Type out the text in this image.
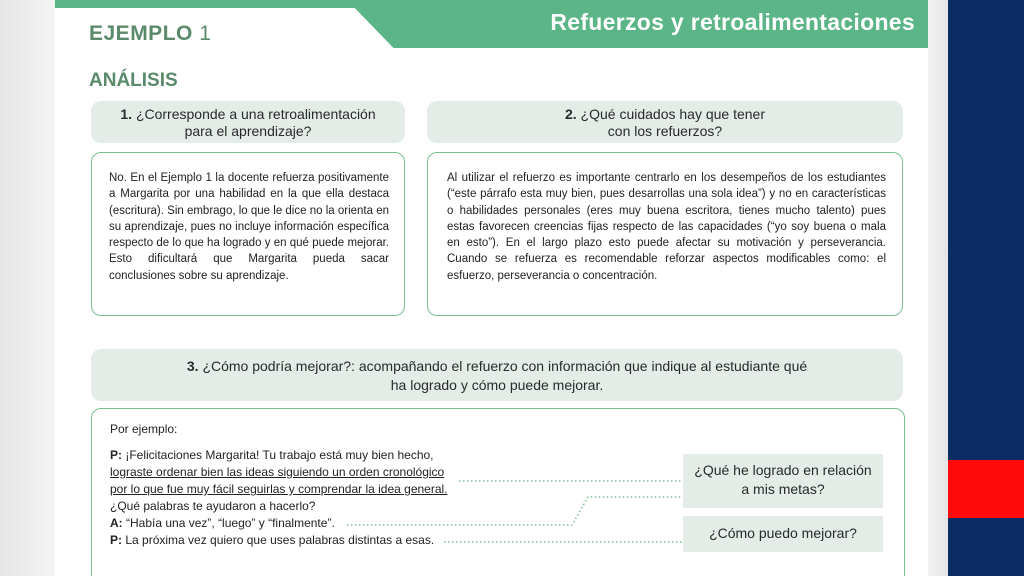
Refuerzos y retroalimentaciones
EJEMPLO 1
ANÁLISIS
1. ¿Corresponde a una retroalimentación
para el aprendizaje?

No. En el Ejemplo 1 la docente refuerza positivamente a Margarita por una habilidad en la que ella destaca (escritura). Sin embrago, lo que le dice no la orienta en su aprendizaje, pues no incluye información específica respecto de lo que ha logrado y en qué puede mejorar. Esto dificultará que Margarita pueda sacar conclusiones sobre su aprendizaje.

2. ¿Qué cuidados hay que tener
con los refuerzos?

Al utilizar el refuerzo es importante centrarlo en los desempeños de los estudiantes (“este párrafo esta muy bien, pues desarrollas una sola idea”) y no en características o habilidades personales (eres muy buena escritora, tienes mucho talento) pues estas favorecen creencias fijas respecto de las capacidades (“yo soy buena o mala en esto”). En el largo plazo esto puede afectar su motivación y perseverancia. Cuando se refuerza es recomendable reforzar aspectos modificables como: el esfuerzo, perseverancia o concentración.

3. ¿Cómo podría mejorar?: acompañando el refuerzo con información que indique al estudiante qué
ha logrado y cómo puede mejorar.
Por ejemplo:
P: ¡Felicitaciones Margarita! Tu trabajo está muy bien hecho,
lograste ordenar bien las ideas siguiendo un orden cronológico
por lo que fue muy fácil seguirlas y comprendar la idea general.
¿Qué palabras te ayudaron a hacerlo?
A: “Había una vez”, “luego” y “finalmente”.
P: La próxima vez quiero que uses palabras distintas a esas.
¿Qué he logrado en relación
a mis metas?
¿Cómo puedo mejorar?
